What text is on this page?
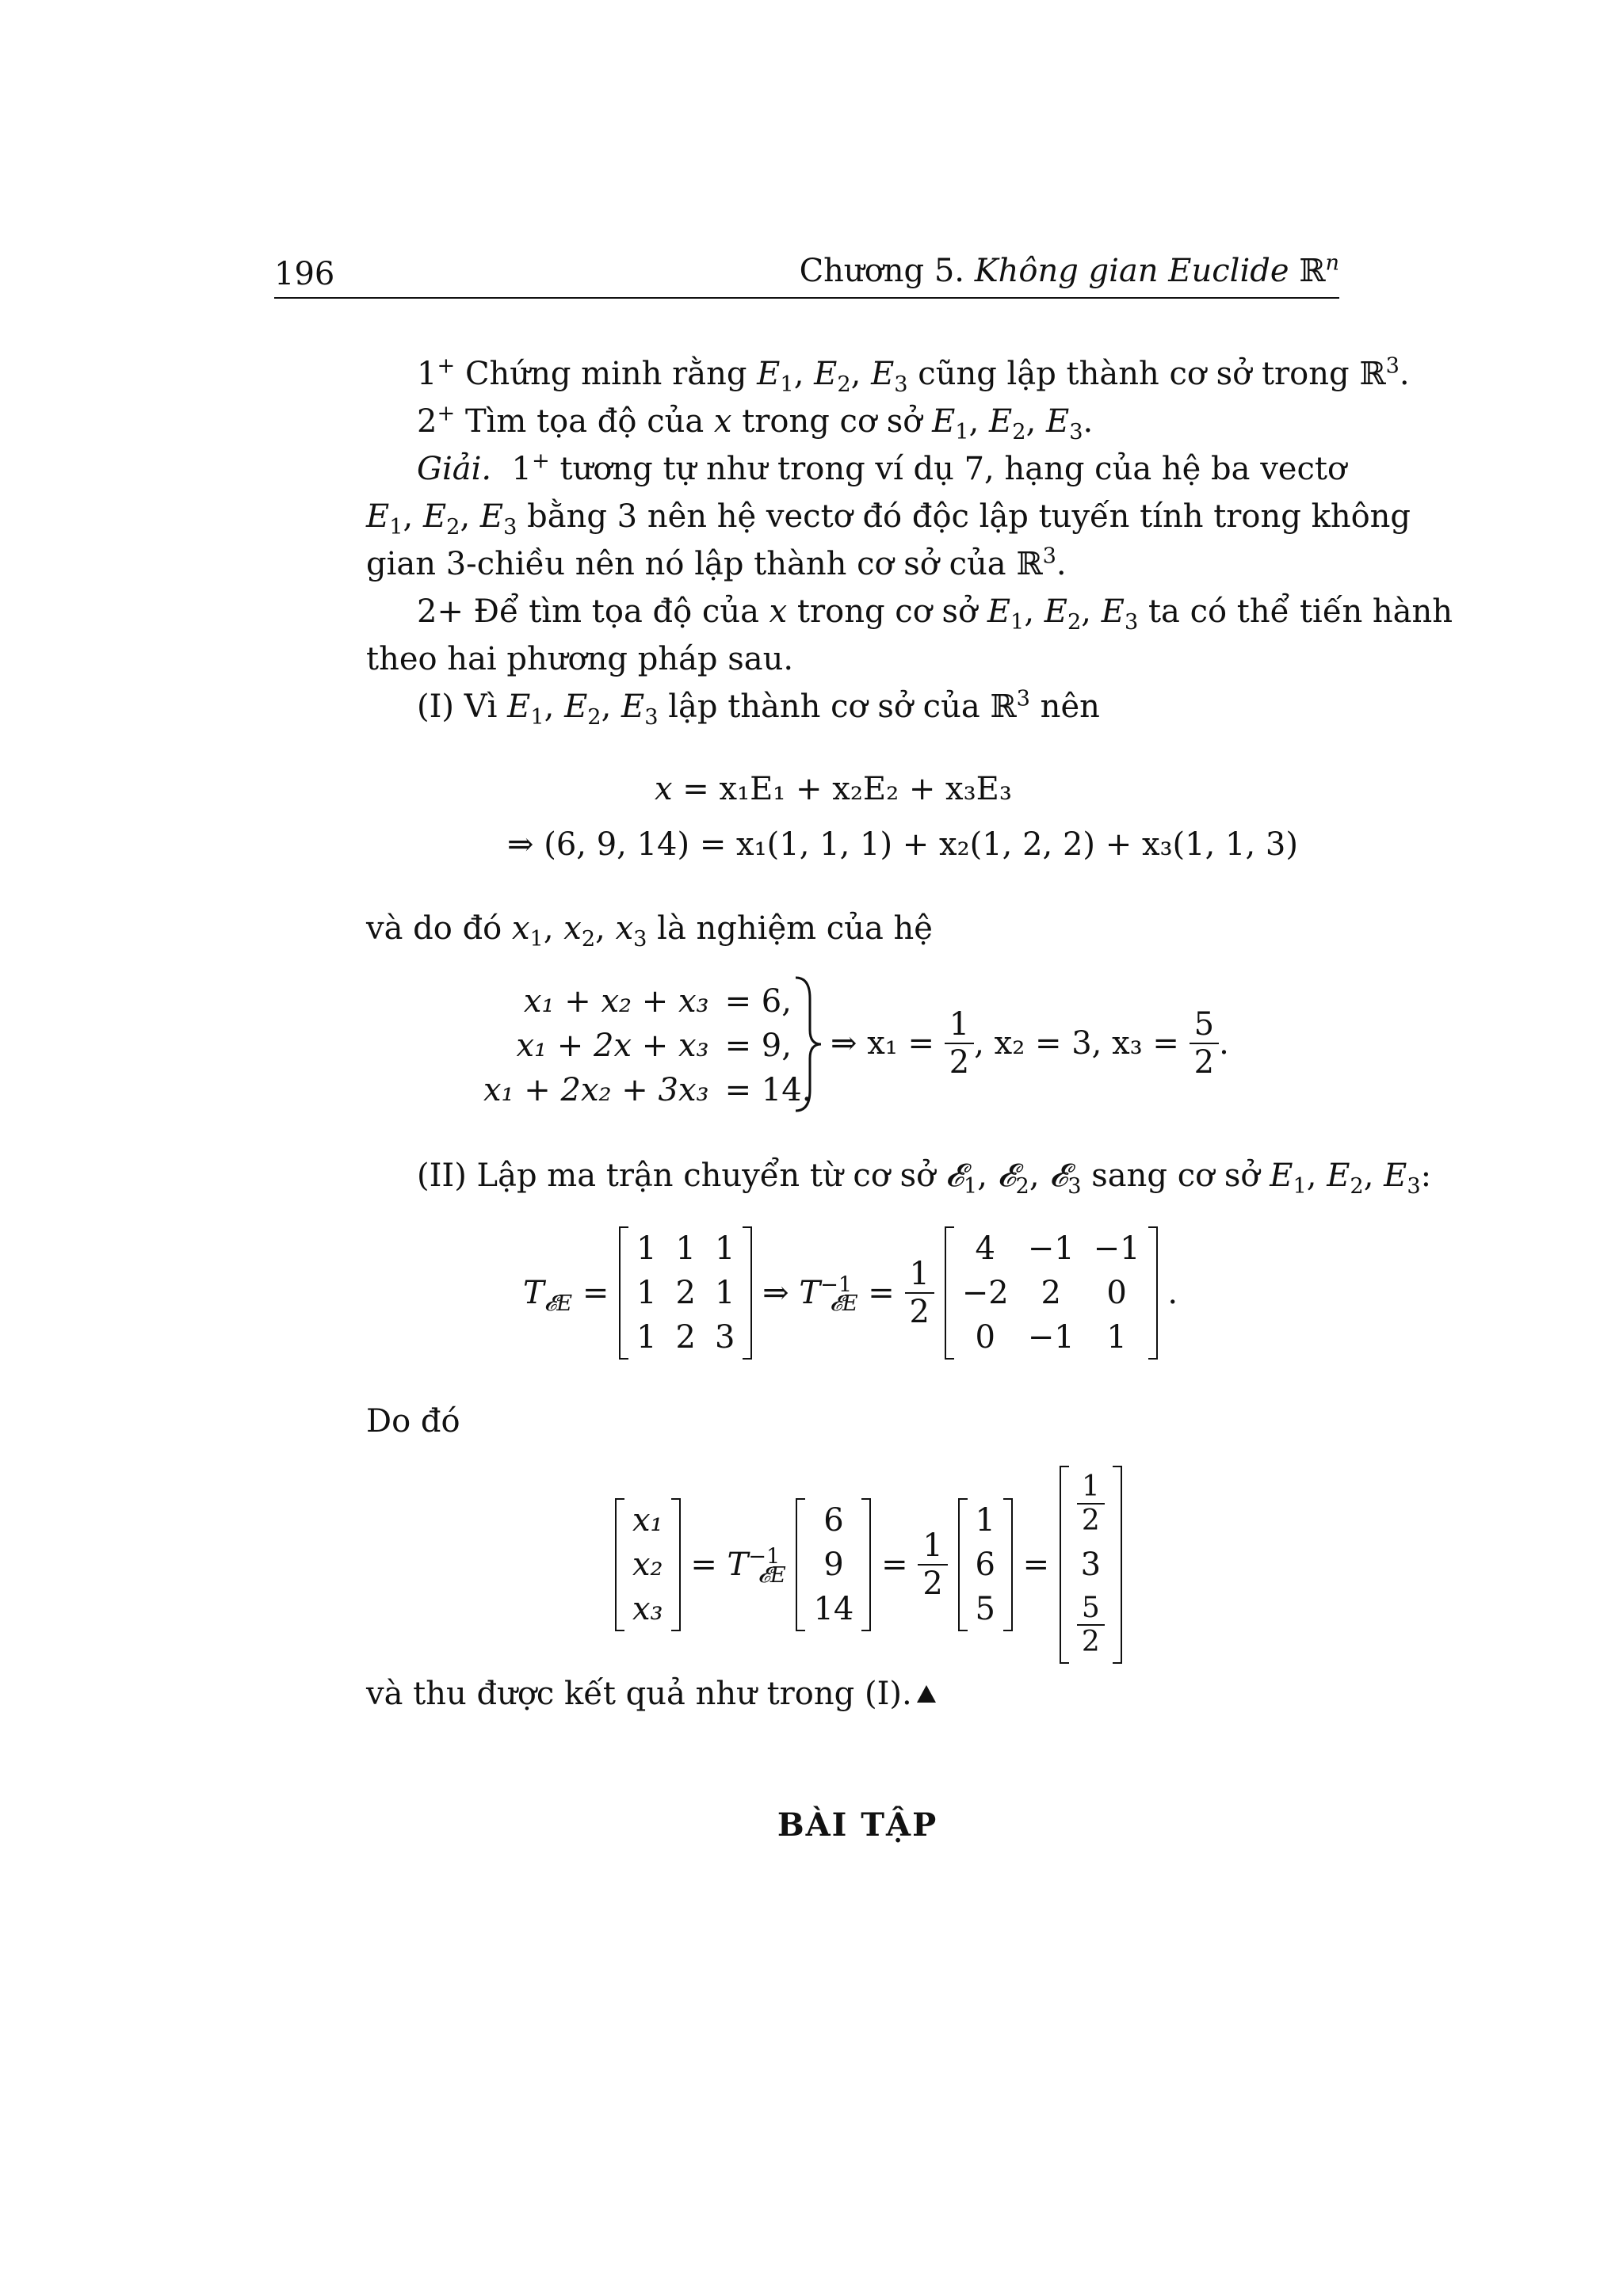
196	Chương 5. Không gian Euclide ℝ$^n$
1+ Chứng minh rằng $E_1$, $E_2$, $E_3$ cũng lập thành cơ sở trong ℝ$^3$.
2+ Tìm tọa độ của x trong cơ sở $E_1$, $E_2$, $E_3$.
Giải.  1+ tương tự như trong ví dụ 7, hạng của hệ ba vectơ
$E_1$, $E_2$, $E_3$ bằng 3 nên hệ vectơ đó độc lập tuyến tính trong không
gian 3-chiều nên nó lập thành cơ sở của ℝ$^3$.
2+ Để tìm tọa độ của x trong cơ sở $E_1$, $E_2$, $E_3$ ta có thể tiến hành
theo hai phương pháp sau.
(I) Vì $E_1$, $E_2$, $E_3$ lập thành cơ sở của ℝ$^3$ nên
x = x₁E₁ + x₂E₂ + x₃E₃
⇒ (6, 9, 14) = x₁(1, 1, 1) + x₂(1, 2, 2) + x₃(1, 1, 3)
và do đó $x_1$, $x_2$, $x_3$ là nghiệm của hệ
x₁ + x₂ + x₃	= 6,
x₁ + 2x + x₃	= 9,
x₁ + 2x₂ + 3x₃	= 14.
⇒ $x_1 = \frac{1}{2}$ , x₂ = 3, $x_3 = \frac{5}{2}$ .
(II) Lập ma trận chuyển từ cơ sở 𝓔$_1$, 𝓔$_2$, 𝓔$_3$ sang cơ sở $E_1$, $E_2$, $E_3$:
$T_{𝓔E}$ =
1	1	1
1	2	1
1	2	3
⇒ $T^{-1}_{𝓔E} = \frac{1}{2}$

4	−1	−1
−2	2	0
0	−1	1
.
Do đó
x₁
x₂
x₃
= $T^{-1}_{𝓔E}$
6
9
14
= $\frac{1}{2}$

1
6
5
=
$\frac{1}{2}$

3

$\frac{5}{2}$
và thu được kết quả như trong (I).
BÀI TẬP
